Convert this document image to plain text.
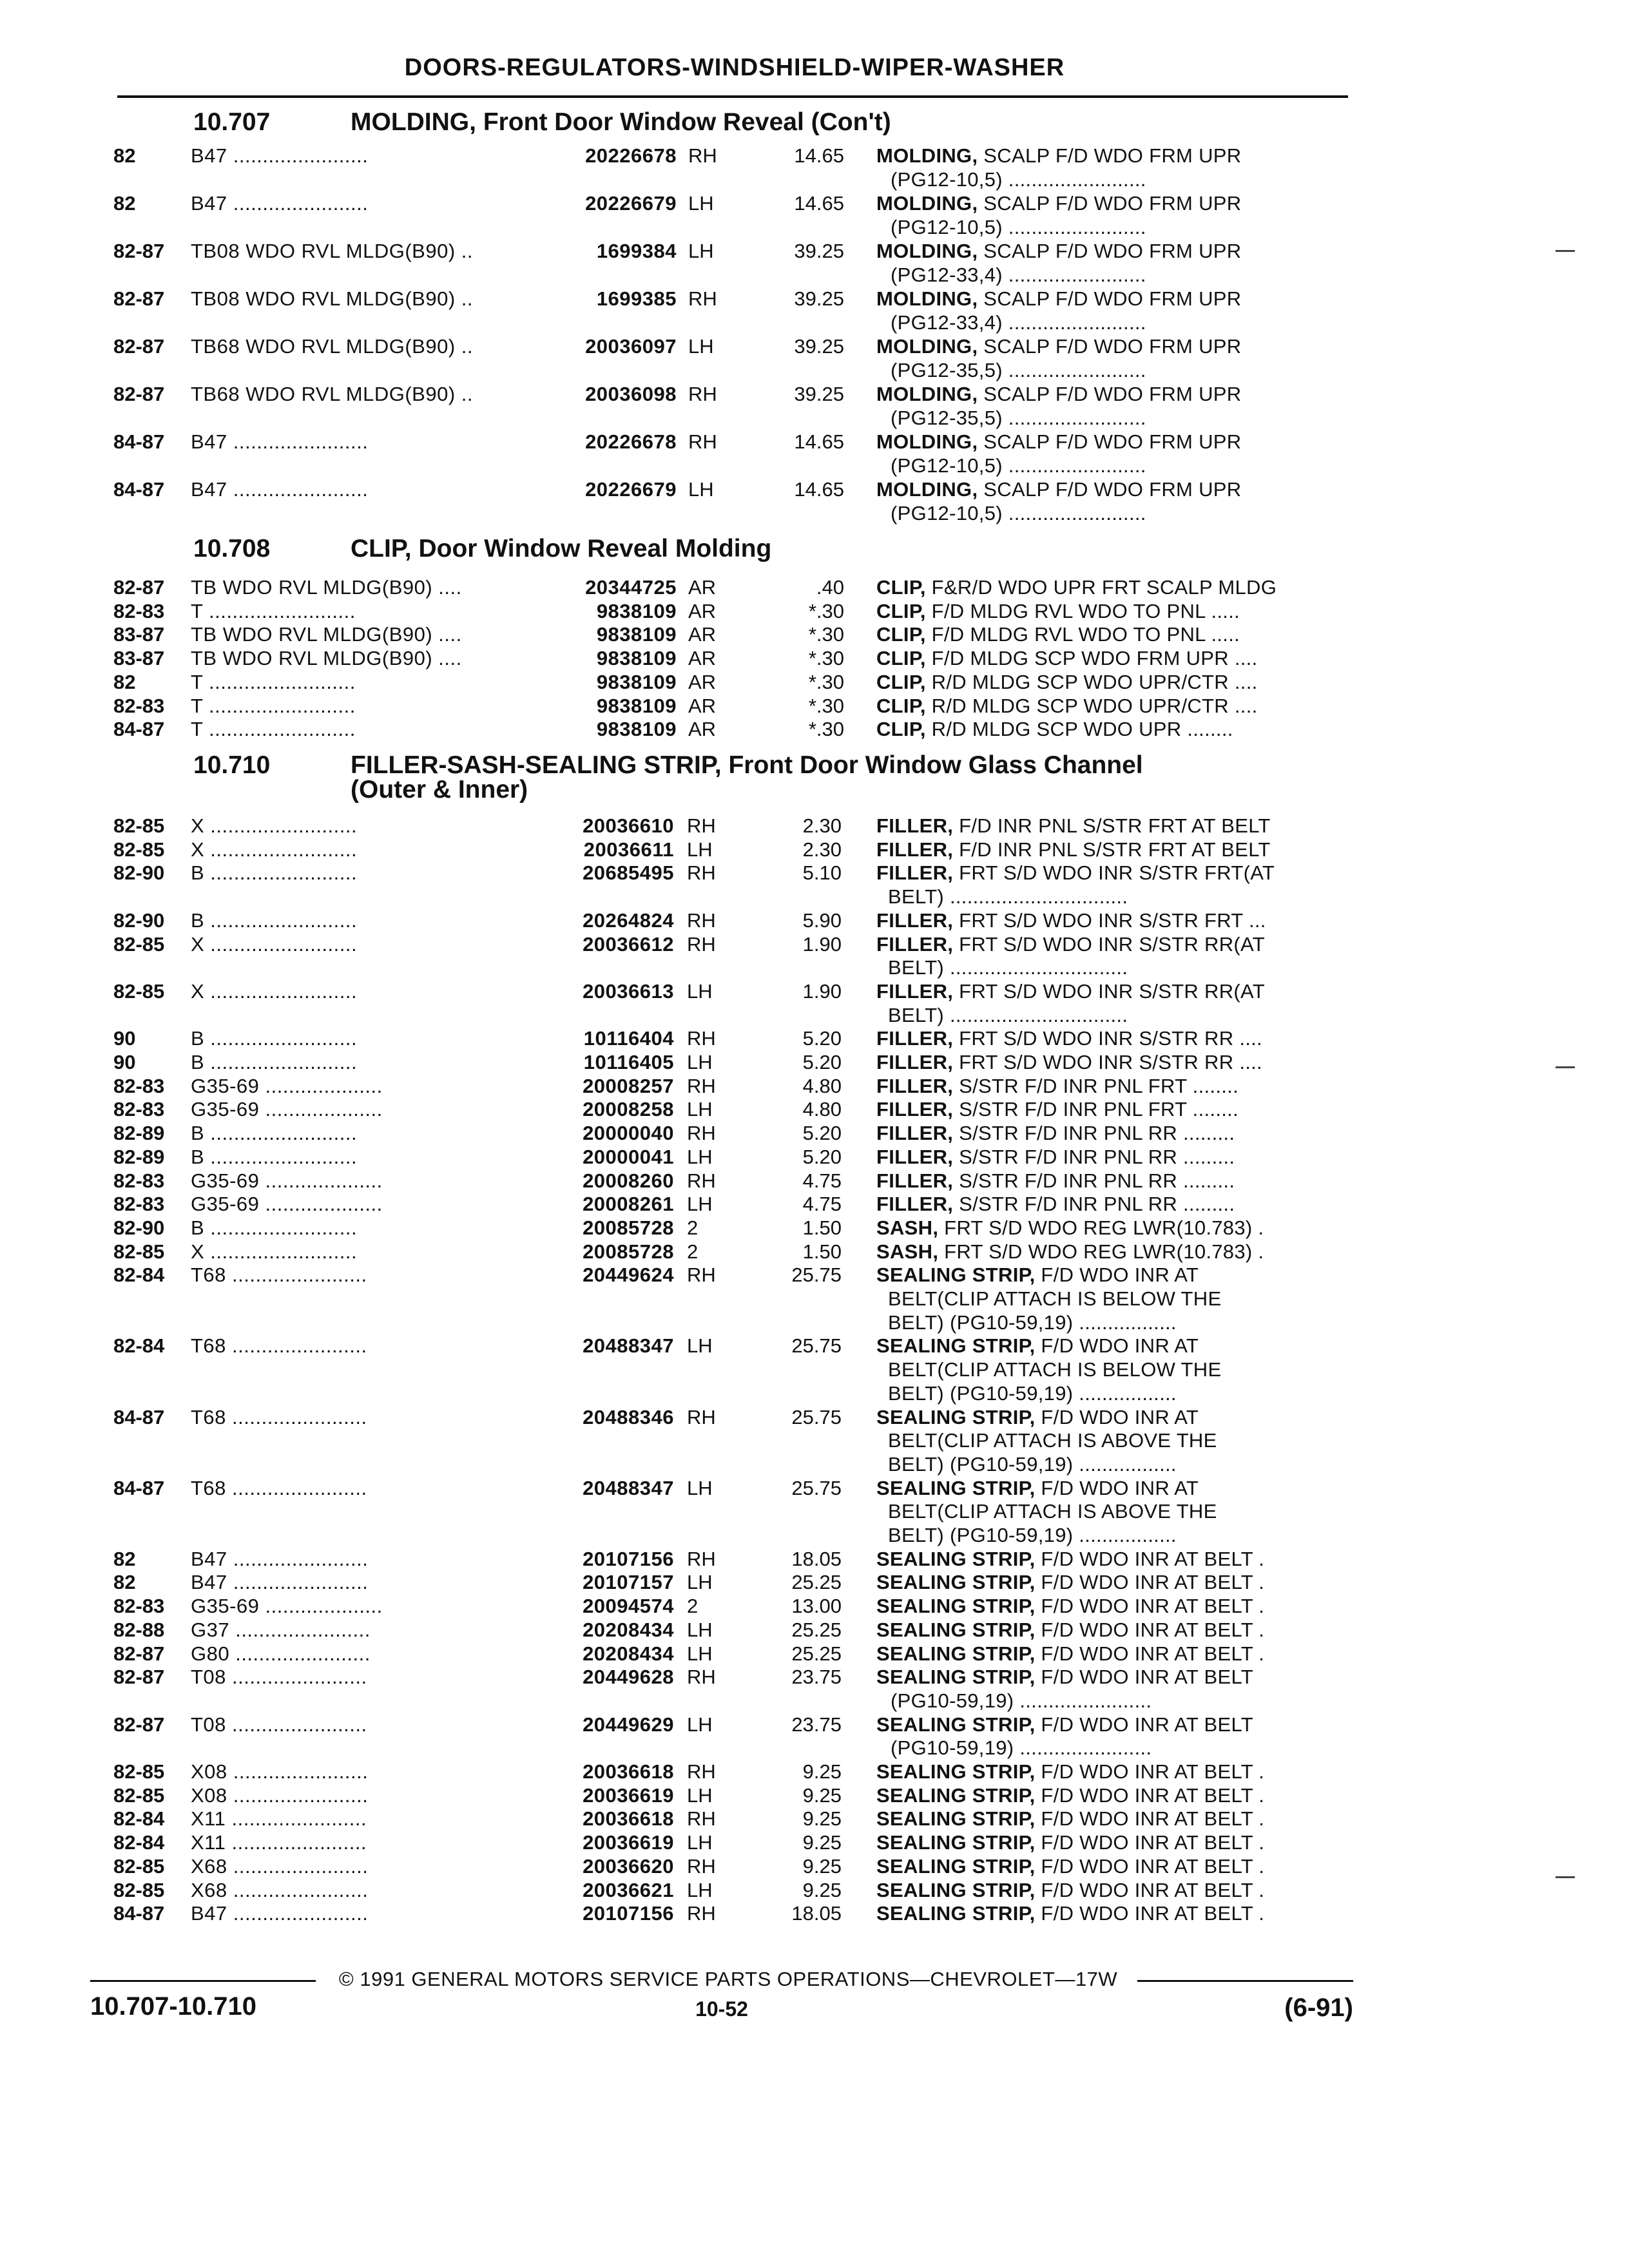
DOORS-REGULATORS-WINDSHIELD-WIPER-WASHER
10.707	MOLDING, Front Door Window Reveal (Con't)
82	B47 .......................	20226678 RH	14.65 MOLDING, SCALP F/D WDO FRM UPR
(PG12-10,5) ........................
82	B47 .......................	20226679 LH	14.65 MOLDING, SCALP F/D WDO FRM UPR
(PG12-10,5) ........................
82-87 TB08 WDO RVL MLDG(B90) ..	1699384 LH	39.25 MOLDING, SCALP F/D WDO FRM UPR
(PG12-33,4) ........................
82-87 TB08 WDO RVL MLDG(B90) ..	1699385 RH	39.25 MOLDING, SCALP F/D WDO FRM UPR
(PG12-33,4) ........................
82-87 TB68 WDO RVL MLDG(B90) ..	20036097 LH	39.25 MOLDING, SCALP F/D WDO FRM UPR
(PG12-35,5) ........................
82-87 TB68 WDO RVL MLDG(B90) ..	20036098 RH	39.25 MOLDING, SCALP F/D WDO FRM UPR
(PG12-35,5) ........................
84-87 B47 .......................	20226678 RH	14.65 MOLDING, SCALP F/D WDO FRM UPR
(PG12-10,5) ........................
84-87 B47 .......................	20226679 LH	14.65 MOLDING, SCALP F/D WDO FRM UPR
(PG12-10,5) ........................
10.708	CLIP, Door Window Reveal Molding
82-87 TB WDO RVL MLDG(B90) ....	20344725 AR	.40 CLIP, F&R/D WDO UPR FRT SCALP MLDG
82-83 T .........................	9838109 AR	*.30 CLIP, F/D MLDG RVL WDO TO PNL .....
83-87 TB WDO RVL MLDG(B90) ....	9838109 AR	*.30 CLIP, F/D MLDG RVL WDO TO PNL .....
83-87 TB WDO RVL MLDG(B90) ....	9838109 AR	*.30 CLIP, F/D MLDG SCP WDO FRM UPR ....
82	T .........................	9838109 AR	*.30 CLIP, R/D MLDG SCP WDO UPR/CTR ....
82-83 T .........................	9838109 AR	*.30 CLIP, R/D MLDG SCP WDO UPR/CTR ....
84-87 T .........................	9838109 AR	*.30 CLIP, R/D MLDG SCP WDO UPR ........
10.710	FILLER-SASH-SEALING STRIP, Front Door Window Glass Channel
(Outer & Inner)
82-85 X .........................	20036610 RH	2.30 FILLER, F/D INR PNL S/STR FRT AT BELT
82-85 X .........................	20036611 LH	2.30 FILLER, F/D INR PNL S/STR FRT AT BELT
82-90 B .........................	20685495 RH	5.10 FILLER, FRT S/D WDO INR S/STR FRT(AT
BELT) ...............................
82-90 B .........................	20264824 RH	5.90 FILLER, FRT S/D WDO INR S/STR FRT ...
82-85 X .........................	20036612 RH	1.90 FILLER, FRT S/D WDO INR S/STR RR(AT
BELT) ...............................
82-85 X .........................	20036613 LH	1.90 FILLER, FRT S/D WDO INR S/STR RR(AT
BELT) ...............................
90	B .........................	10116404 RH	5.20 FILLER, FRT S/D WDO INR S/STR RR ....
90	B .........................	10116405 LH	5.20 FILLER, FRT S/D WDO INR S/STR RR ....
82-83 G35-69 ....................	20008257 RH	4.80 FILLER, S/STR F/D INR PNL FRT ........
82-83 G35-69 ....................	20008258 LH	4.80 FILLER, S/STR F/D INR PNL FRT ........
82-89 B .........................	20000040 RH	5.20 FILLER, S/STR F/D INR PNL RR .........
82-89 B .........................	20000041 LH	5.20 FILLER, S/STR F/D INR PNL RR .........
82-83 G35-69 ....................	20008260 RH	4.75 FILLER, S/STR F/D INR PNL RR .........
82-83 G35-69 ....................	20008261 LH	4.75 FILLER, S/STR F/D INR PNL RR .........
82-90 B .........................	20085728 2	1.50 SASH, FRT S/D WDO REG LWR(10.783) .
82-85 X .........................	20085728 2	1.50 SASH, FRT S/D WDO REG LWR(10.783) .
82-84 T68 .......................	20449624 RH	25.75 SEALING STRIP, F/D WDO INR AT
BELT(CLIP ATTACH IS BELOW THE
BELT) (PG10-59,19) .................
82-84 T68 .......................	20488347 LH	25.75 SEALING STRIP, F/D WDO INR AT
BELT(CLIP ATTACH IS BELOW THE
BELT) (PG10-59,19) .................
84-87 T68 .......................	20488346 RH	25.75 SEALING STRIP, F/D WDO INR AT
BELT(CLIP ATTACH IS ABOVE THE
BELT) (PG10-59,19) .................
84-87 T68 .......................	20488347 LH	25.75 SEALING STRIP, F/D WDO INR AT
BELT(CLIP ATTACH IS ABOVE THE
BELT) (PG10-59,19) .................
82	B47 .......................	20107156 RH	18.05 SEALING STRIP, F/D WDO INR AT BELT .
82	B47 .......................	20107157 LH	25.25 SEALING STRIP, F/D WDO INR AT BELT .
82-83 G35-69 ....................	20094574 2	13.00 SEALING STRIP, F/D WDO INR AT BELT .
82-88 G37 .......................	20208434 LH	25.25 SEALING STRIP, F/D WDO INR AT BELT .
82-87 G80 .......................	20208434 LH	25.25 SEALING STRIP, F/D WDO INR AT BELT .
82-87 T08 .......................	20449628 RH	23.75 SEALING STRIP, F/D WDO INR AT BELT
(PG10-59,19) .......................
82-87 T08 .......................	20449629 LH	23.75 SEALING STRIP, F/D WDO INR AT BELT
(PG10-59,19) .......................
82-85 X08 .......................	20036618 RH	9.25 SEALING STRIP, F/D WDO INR AT BELT .
82-85 X08 .......................	20036619 LH	9.25 SEALING STRIP, F/D WDO INR AT BELT .
82-84 X11 .......................	20036618 RH	9.25 SEALING STRIP, F/D WDO INR AT BELT .
82-84 X11 .......................	20036619 LH	9.25 SEALING STRIP, F/D WDO INR AT BELT .
82-85 X68 .......................	20036620 RH	9.25 SEALING STRIP, F/D WDO INR AT BELT .
82-85 X68 .......................	20036621 LH	9.25 SEALING STRIP, F/D WDO INR AT BELT .
84-87 B47 .......................	20107156 RH	18.05 SEALING STRIP, F/D WDO INR AT BELT .
© 1991 GENERAL MOTORS SERVICE PARTS OPERATIONS—CHEVROLET—17W
10.707-10.710	10-52	(6-91)
